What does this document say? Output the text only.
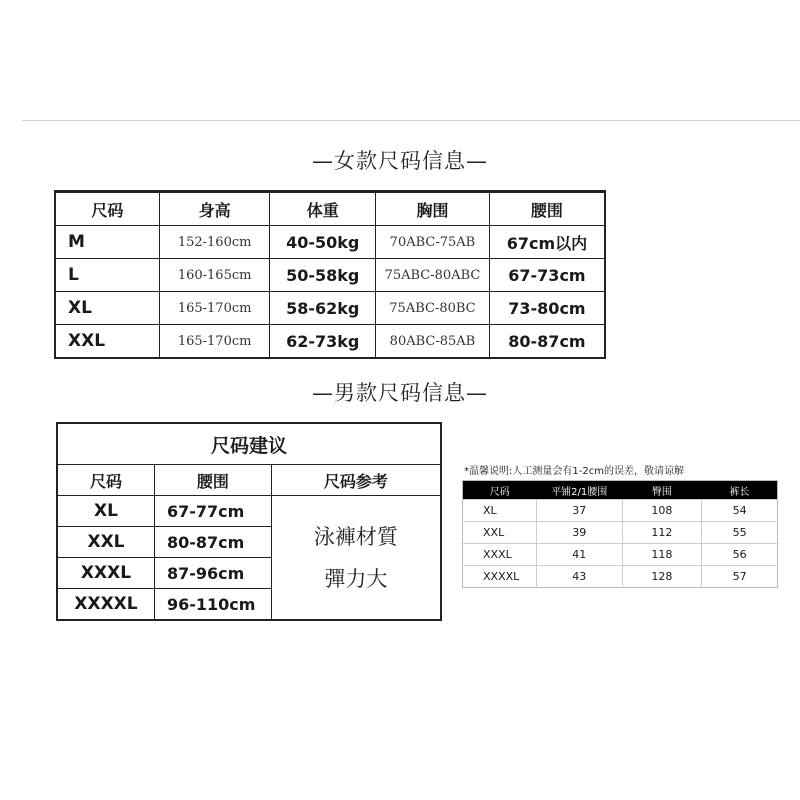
—女款尺码信息—
尺码	身高	体重	胸围	腰围
M	152-160cm	40-50kg	70ABC-75AB	67cm以内
L	160-165cm	50-58kg	75ABC-80ABC	67-73cm
XL	165-170cm	58-62kg	75ABC-80BC	73-80cm
XXL	165-170cm	62-73kg	80ABC-85AB	80-87cm
—男款尺码信息—
尺码建议		
尺码	腰围	尺码参考
XL	67-77cm	泳褲材質
彈力大

XXL	80-87cm	
XXXL	87-96cm	
XXXXL	96-110cm	
*温馨说明:人工测量会有1-2cm的误差，敬请谅解
尺码	平铺2/1腰围	臀围	裤长
XL	37	108	54
XXL	39	112	55
XXXL	41	118	56
XXXXL	43	128	57
